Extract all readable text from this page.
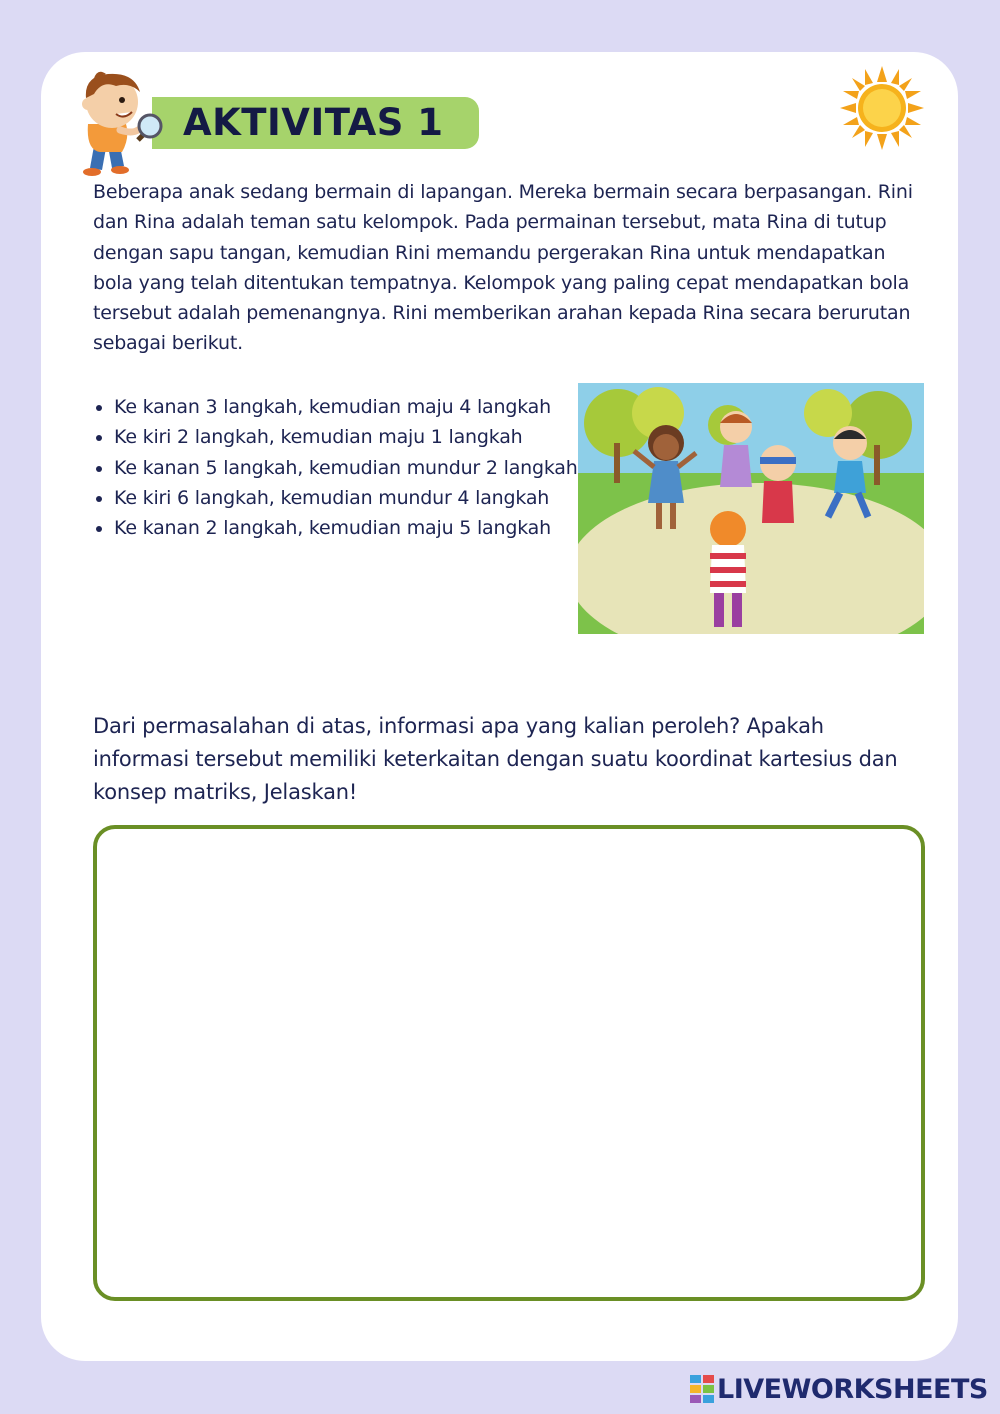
AKTIVITAS 1

Beberapa anak sedang bermain di lapangan. Mereka bermain secara berpasangan. Rini dan Rina adalah teman satu kelompok. Pada permainan tersebut, mata Rina di tutup dengan sapu tangan, kemudian Rini memandu pergerakan Rina untuk mendapatkan bola yang telah ditentukan tempatnya. Kelompok yang paling cepat mendapatkan bola tersebut adalah pemenangnya. Rini memberikan arahan kepada Rina secara berurutan sebagai berikut.

• Ke kanan 3 langkah, kemudian maju 4 langkah
• Ke kiri 2 langkah, kemudian maju 1 langkah
• Ke kanan 5 langkah, kemudian mundur 2 langkah
• Ke kiri 6 langkah, kemudian mundur 4 langkah
• Ke kanan 2 langkah, kemudian maju 5 langkah

Dari permasalahan di atas, informasi apa yang kalian peroleh? Apakah informasi tersebut memiliki keterkaitan dengan suatu koordinat kartesius dan konsep matriks, Jelaskan!

LIVEWORKSHEETS
